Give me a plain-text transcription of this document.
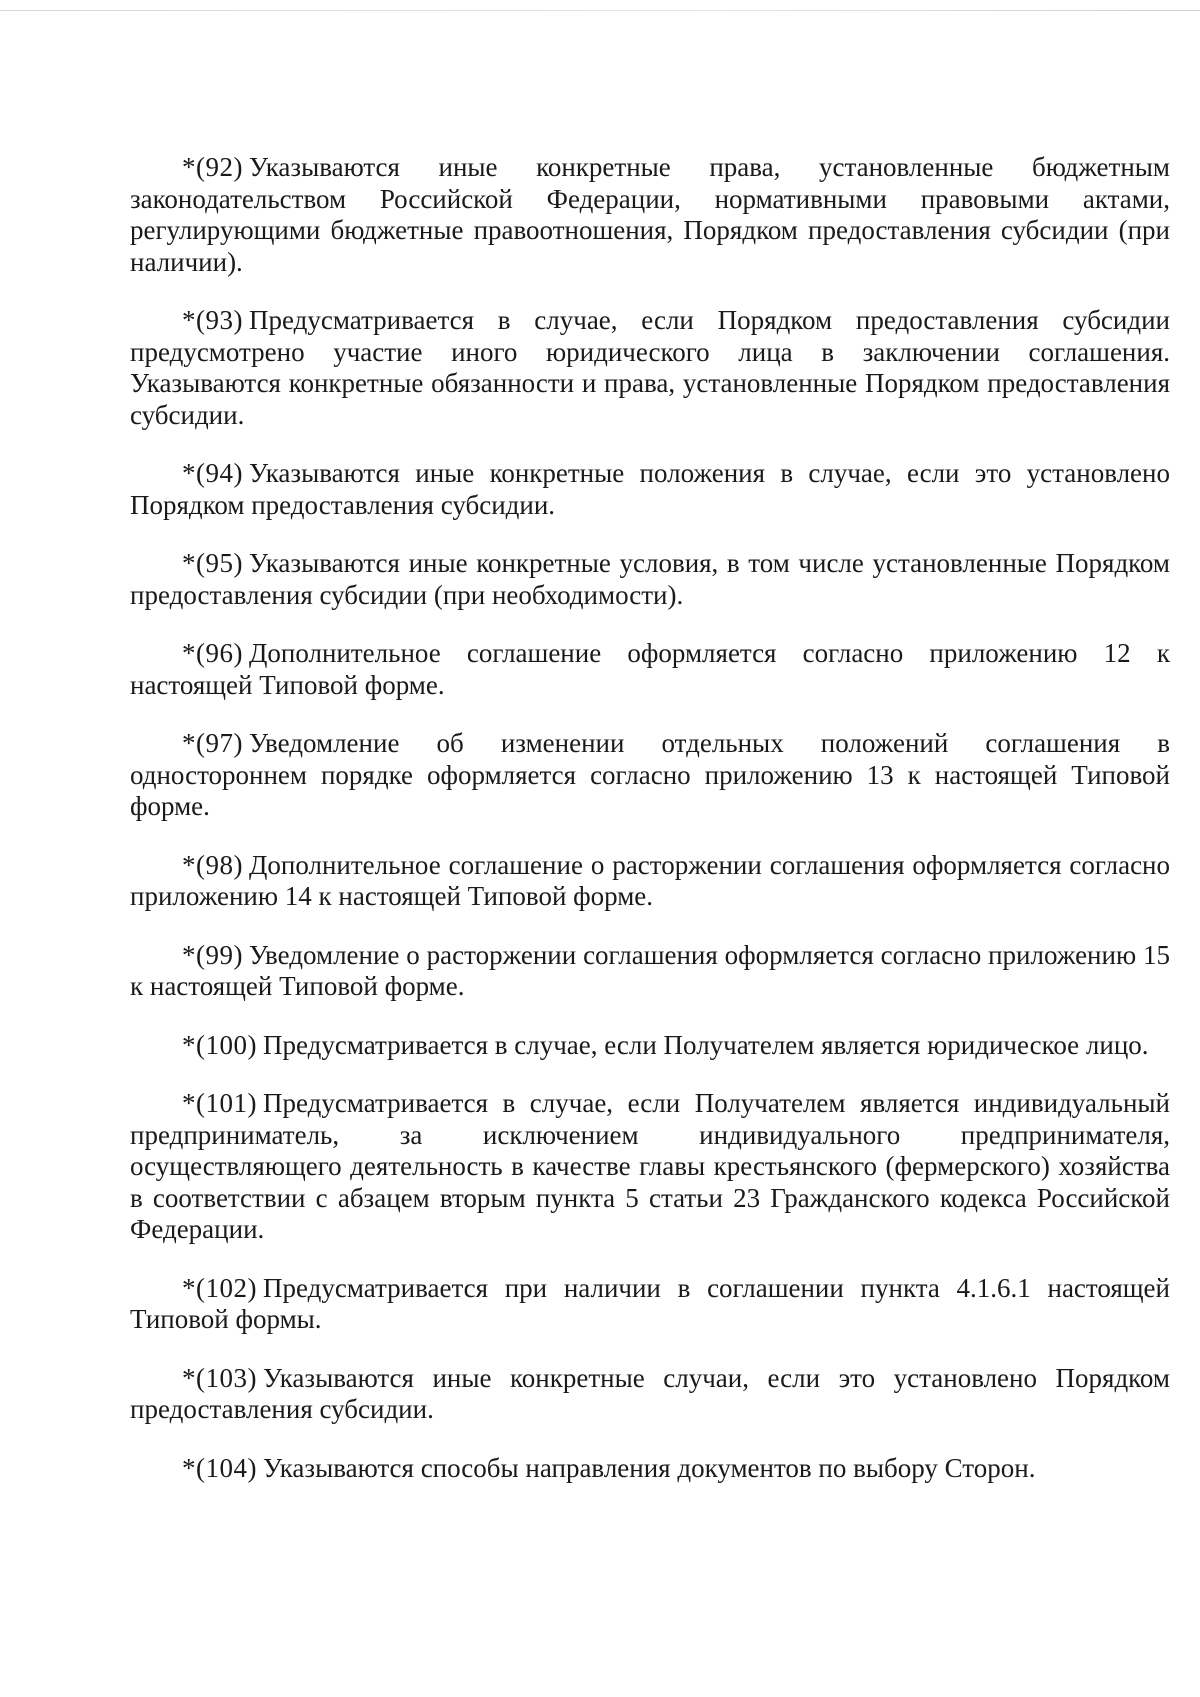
*(92) Указываются иные конкретные права, установленные бюджетным законодательством Российской Федерации, нормативными правовыми актами, регулирующими бюджетные правоотношения, Порядком предоставления субсидии (при наличии).

*(93) Предусматривается в случае, если Порядком предоставления субсидии предусмотрено участие иного юридического лица в заключении соглашения. Указываются конкретные обязанности и права, установленные Порядком предоставления субсидии.

*(94) Указываются иные конкретные положения в случае, если это установлено Порядком предоставления субсидии.

*(95) Указываются иные конкретные условия, в том числе установленные Порядком предоставления субсидии (при необходимости).

*(96) Дополнительное соглашение оформляется согласно приложению 12 к настоящей Типовой форме.

*(97) Уведомление об изменении отдельных положений соглашения в одностороннем порядке оформляется согласно приложению 13 к настоящей Типовой форме.

*(98) Дополнительное соглашение о расторжении соглашения оформляется согласно приложению 14 к настоящей Типовой форме.

*(99) Уведомление о расторжении соглашения оформляется согласно приложению 15 к настоящей Типовой форме.

*(100) Предусматривается в случае, если Получателем является юридическое лицо.

*(101) Предусматривается в случае, если Получателем является индивидуальный предприниматель, за исключением индивидуального предпринимателя, осуществляющего деятельность в качестве главы крестьянского (фермерского) хозяйства в соответствии с абзацем вторым пункта 5 статьи 23 Гражданского кодекса Российской Федерации.

*(102) Предусматривается при наличии в соглашении пункта 4.1.6.1 настоящей Типовой формы.

*(103) Указываются иные конкретные случаи, если это установлено Порядком предоставления субсидии.

*(104) Указываются способы направления документов по выбору Сторон.
